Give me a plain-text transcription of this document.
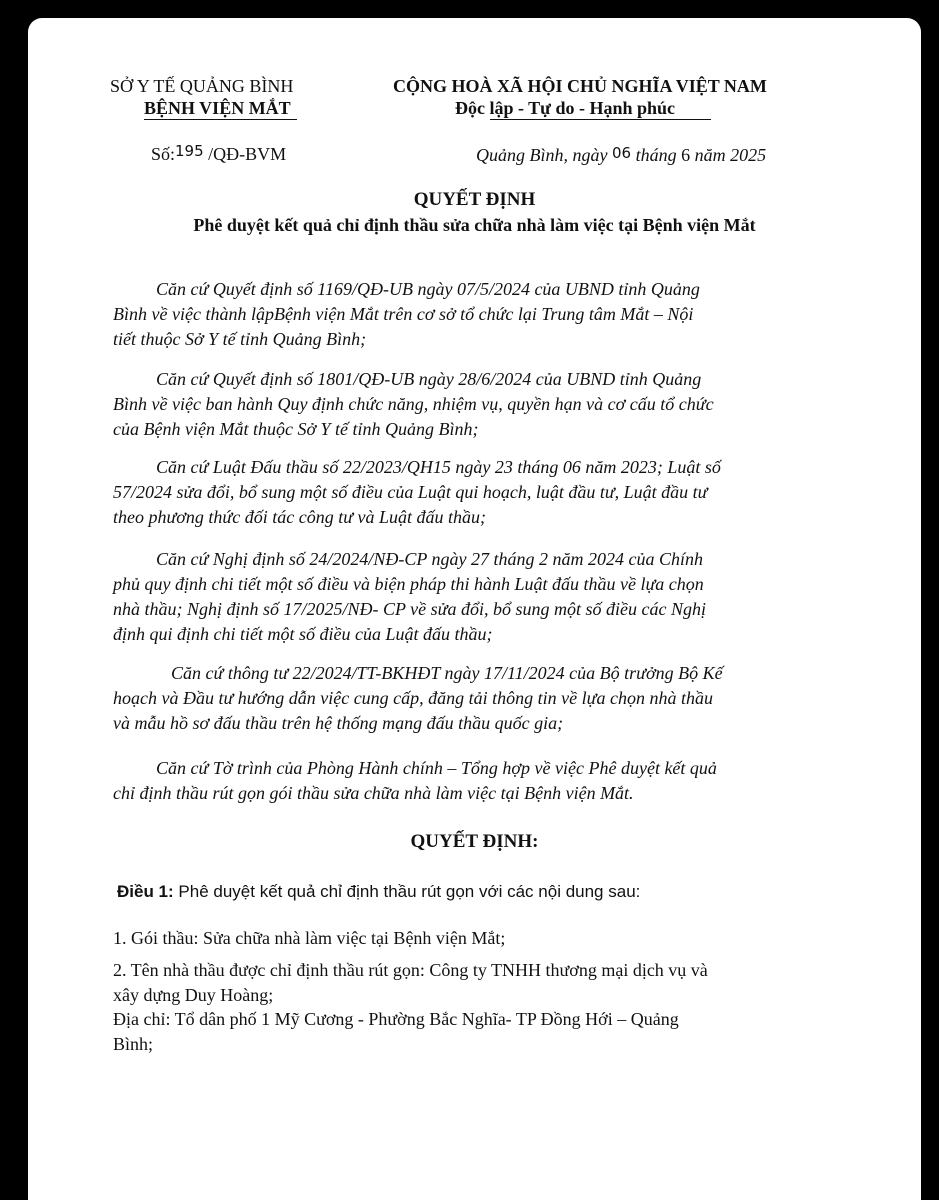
SỞ Y TẾ QUẢNG BÌNH
BỆNH VIỆN MẮT
CỘNG HOÀ XÃ HỘI CHỦ NGHĨA VIỆT NAM
Độc lập - Tự do - Hạnh phúc
Số:$^{195}$ /QĐ-BVM	Quảng Bình, ngày 06 tháng 6 năm 2025
QUYẾT ĐỊNH
Phê duyệt kết quả chỉ định thầu sửa chữa nhà làm việc tại Bệnh viện Mắt
Căn cứ Quyết định số 1169/QĐ-UB ngày 07/5/2024 của UBND tỉnh Quảng
Bình về việc thành lậpBệnh viện Mắt trên cơ sở tổ chức lại Trung tâm Mắt – Nội
tiết thuộc Sở Y tế tỉnh Quảng Bình;
Căn cứ Quyết định số 1801/QĐ-UB ngày 28/6/2024 của UBND tỉnh Quảng
Bình về việc ban hành Quy định chức năng, nhiệm vụ, quyền hạn và cơ cấu tổ chức
của Bệnh viện Mắt thuộc Sở Y tế tỉnh Quảng Bình;
Căn cứ Luật Đấu thầu số 22/2023/QH15 ngày 23 tháng 06 năm 2023; Luật số
57/2024 sửa đổi, bổ sung một số điều của Luật qui hoạch, luật đầu tư, Luật đầu tư
theo phương thức đối tác công tư và Luật đấu thầu;
Căn cứ Nghị định số 24/2024/NĐ-CP ngày 27 tháng 2 năm 2024 của Chính
phủ quy định chi tiết một số điều và biện pháp thi hành Luật đấu thầu về lựa chọn
nhà thầu; Nghị định số 17/2025/NĐ- CP về sửa đổi, bổ sung một số điều các Nghị
định qui định chi tiết một số điều của Luật đấu thầu;
Căn cứ thông tư 22/2024/TT-BKHĐT ngày 17/11/2024 của Bộ trưởng Bộ Kế
hoạch và Đầu tư hướng dẫn việc cung cấp, đăng tải thông tin về lựa chọn nhà thầu
và mẫu hồ sơ đấu thầu trên hệ thống mạng đấu thầu quốc gia;
Căn cứ Tờ trình của Phòng Hành chính – Tổng hợp về việc Phê duyệt kết quả
chỉ định thầu rút gọn gói thầu sửa chữa nhà làm việc tại Bệnh viện Mắt.
QUYẾT ĐỊNH:
Điều 1: Phê duyệt kết quả chỉ định thầu rút gọn với các nội dung sau:
1. Gói thầu: Sửa chữa nhà làm việc tại Bệnh viện Mắt;
2. Tên nhà thầu được chỉ định thầu rút gọn: Công ty TNHH thương mại dịch vụ và
xây dựng Duy Hoàng;
Địa chỉ: Tổ dân phố 1 Mỹ Cương - Phường Bắc Nghĩa- TP Đồng Hới – Quảng
Bình;
